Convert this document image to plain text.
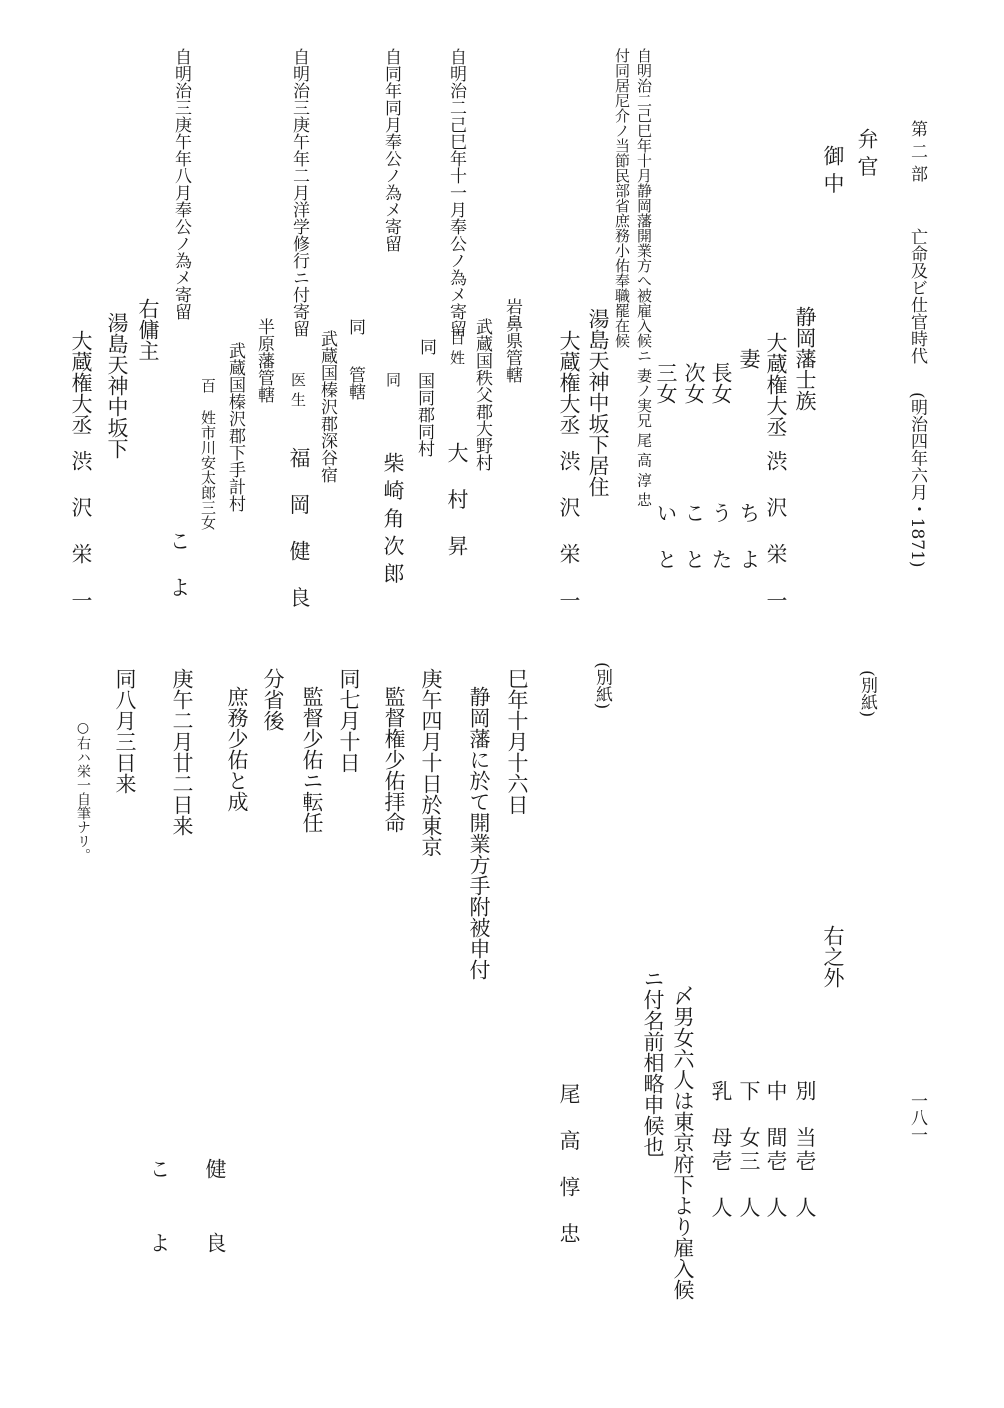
第 二 部
亡命及ビ仕官時代
(明治四年六月・1871)
一八一
弁 官
御 中
静岡藩士族
大蔵権大丞
渋 沢 栄 一
妻
ち よ
長女
う た
次女
こ と
三女
い と
(別紙)
右之外
別 当
壱 人
中 間
壱 人
下 女
三 人
乳 母
壱 人
〆男女六人は東京府下より雇入候
ニ付名前相略申候也
尾 高 惇 忠
自明治二己巳年十月静岡藩開業方へ被雇入候ニ 妻ノ実兄 尾 高 淳 忠
付同居尼介ノ当節民部省庶務小佑奉職罷在候
湯島天神中坂下居住
大蔵権大丞
渋 沢 栄 一
自明治二己巳年十一月奉公ノ為メ寄留
岩鼻県管轄
武蔵国秩父郡大野村
百 姓
大 村 昇
自同年同月奉公ノ為メ寄留
同
国同郡同村
同
柴 崎 角 次 郎
同
管轄
武蔵国榛沢郡深谷宿
自明治三庚午年二月洋学修行ニ付寄留
医 生
福 岡 健 良
半原藩管轄
武蔵国榛沢郡下手計村
百
姓市川安太郎三女
こ よ
自明治三庚午年八月奉公ノ為メ寄留
右傭主
湯島天神中坂下
大蔵権大丞
渋 沢 栄 一
(別紙)
巳年十月十六日
静岡藩に於て開業方手附被申付
庚午四月十日於東京
監督権少佑拝命
同七月十日
監督少佑ニ転任
分省後
庶務少佑と成
庚午二月廿二日来
同八月三日来
健 良
こ よ
○右ハ栄一自筆ナリ。
